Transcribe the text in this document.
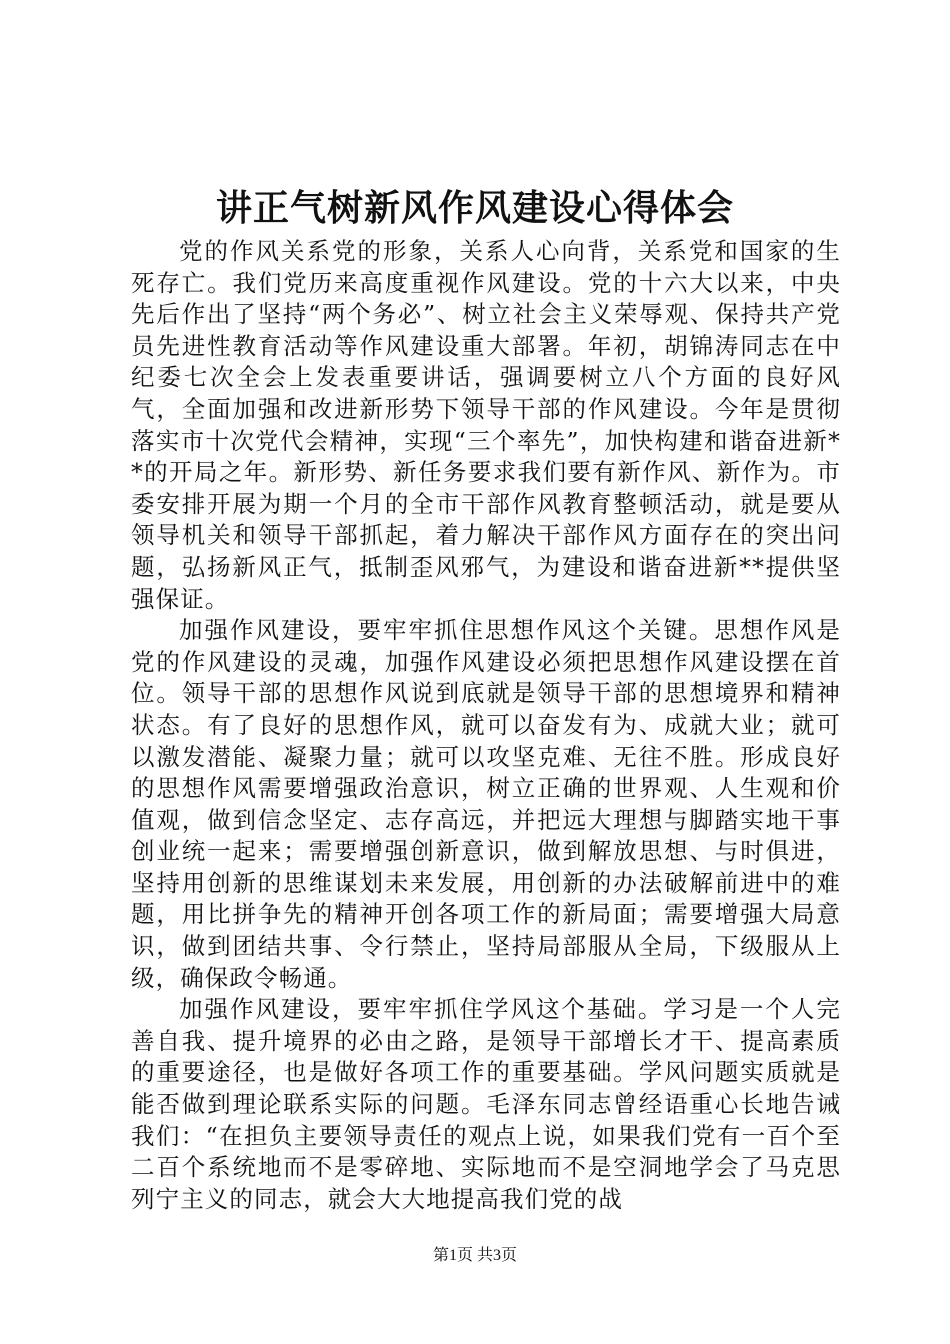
讲正气树新风作风建设心得体会

党的作风关系党的形象，关系人心向背，关系党和国家的生死存亡。我们党历来高度重视作风建设。党的十六大以来，中央先后作出了坚持“两个务必”、树立社会主义荣辱观、保持共产党员先进性教育活动等作风建设重大部署。年初，胡锦涛同志在中纪委七次全会上发表重要讲话，强调要树立八个方面的良好风气，全面加强和改进新形势下领导干部的作风建设。今年是贯彻落实市十次党代会精神，实现“三个率先”，加快构建和谐奋进新**的开局之年。新形势、新任务要求我们要有新作风、新作为。市委安排开展为期一个月的全市干部作风教育整顿活动，就是要从领导机关和领导干部抓起，着力解决干部作风方面存在的突出问题，弘扬新风正气，抵制歪风邪气，为建设和谐奋进新**提供坚强保证。

加强作风建设，要牢牢抓住思想作风这个关键。思想作风是党的作风建设的灵魂，加强作风建设必须把思想作风建设摆在首位。领导干部的思想作风说到底就是领导干部的思想境界和精神状态。有了良好的思想作风，就可以奋发有为、成就大业；就可以激发潜能、凝聚力量；就可以攻坚克难、无往不胜。形成良好的思想作风需要增强政治意识，树立正确的世界观、人生观和价值观，做到信念坚定、志存高远，并把远大理想与脚踏实地干事创业统一起来；需要增强创新意识，做到解放思想、与时俱进，坚持用创新的思维谋划未来发展，用创新的办法破解前进中的难题，用比拼争先的精神开创各项工作的新局面；需要增强大局意识，做到团结共事、令行禁止，坚持局部服从全局，下级服从上级，确保政令畅通。

加强作风建设，要牢牢抓住学风这个基础。学习是一个人完善自我、提升境界的必由之路，是领导干部增长才干、提高素质的重要途径，也是做好各项工作的重要基础。学风问题实质就是能否做到理论联系实际的问题。毛泽东同志曾经语重心长地告诫我们：“在担负主要领导责任的观点上说，如果我们党有一百个至二百个系统地而不是零碎地、实际地而不是空洞地学会了马克思列宁主义的同志，就会大大地提高我们党的战

第1页 共3页
